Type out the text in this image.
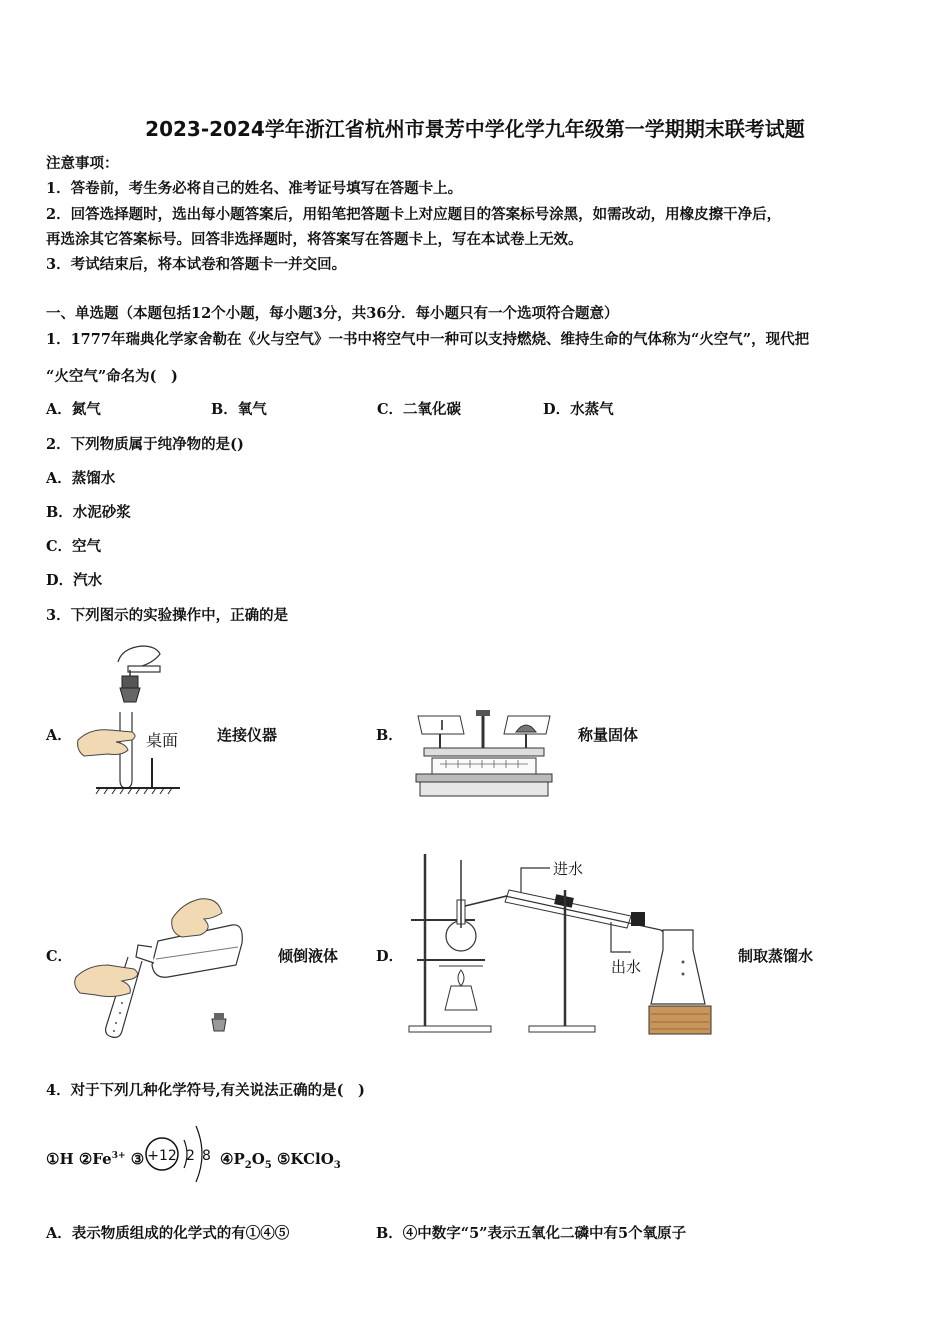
2023-2024学年浙江省杭州市景芳中学化学九年级第一学期期末联考试题
注意事项：
1．答卷前，考生务必将自己的姓名、准考证号填写在答题卡上。
2．回答选择题时，选出每小题答案后，用铅笔把答题卡上对应题目的答案标号涂黑，如需改动，用橡皮擦干净后，
再选涂其它答案标号。回答非选择题时，将答案写在答题卡上，写在本试卷上无效。
3．考试结束后，将本试卷和答题卡一并交回。
一、单选题（本题包括12个小题，每小题3分，共36分．每小题只有一个选项符合题意）
1．1777年瑞典化学家舍勒在《火与空气》一书中将空气中一种可以支持燃烧、维持生命的气体称为“火空气”，现代把
“火空气”命名为(　)
A．氮气	B．氧气	C．二氧化碳	D．水蒸气
2．下列物质属于纯净物的是()
A．蒸馏水
B．水泥砂浆
C．空气
D．汽水
3．下列图示的实验操作中，正确的是
A．	桌面	连接仪器	B．	称量固体
C．	倾倒液体	D．
进水
出水
制取蒸馏水
4．对于下列几种化学符号,有关说法正确的是(　)
①H $②Fe^{3+}$ ③ +12 2 8 $④P_2O_5$ ⑤KClO$_3$
A．表示物质组成的化学式的有①④⑤	B．④中数字“5”表示五氧化二磷中有5个氧原子
